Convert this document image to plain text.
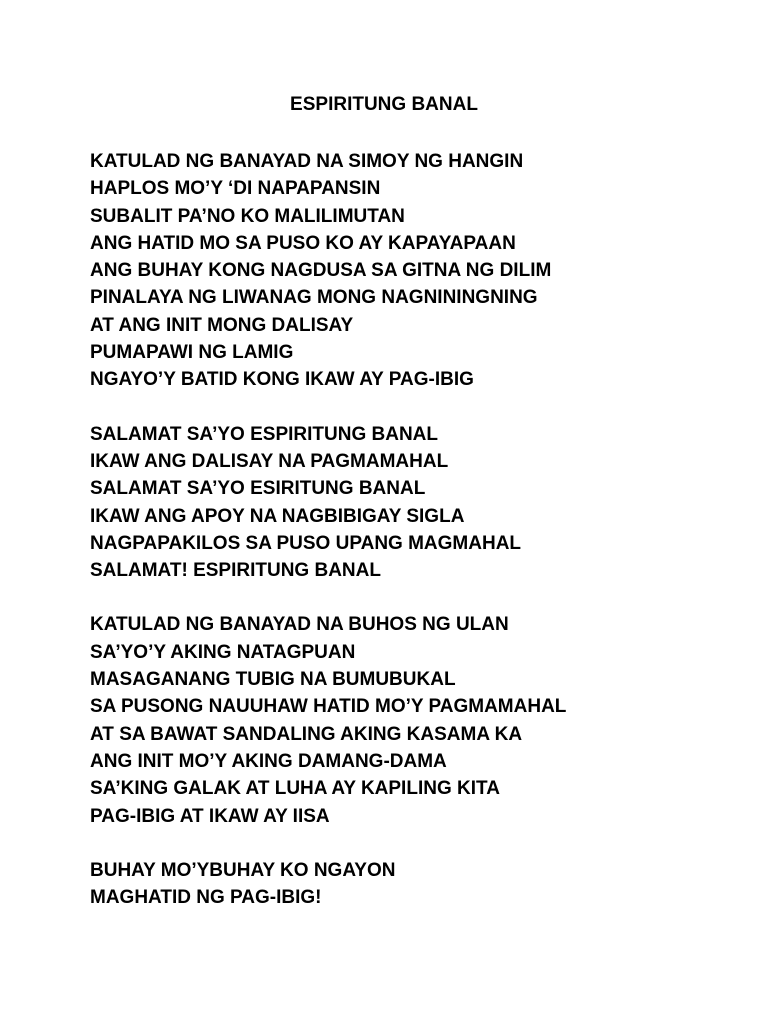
ESPIRITUNG BANAL
KATULAD NG BANAYAD NA SIMOY NG HANGIN
HAPLOS MO’Y ‘DI NAPAPANSIN
SUBALIT PA’NO KO MALILIMUTAN
ANG HATID MO SA PUSO KO AY KAPAYAPAAN
ANG BUHAY KONG NAGDUSA SA GITNA NG DILIM
PINALAYA NG LIWANAG MONG NAGNININGNING
AT ANG INIT MONG DALISAY
PUMAPAWI NG LAMIG
NGAYO’Y BATID KONG IKAW AY PAG-IBIG
SALAMAT SA’YO ESPIRITUNG BANAL
IKAW ANG DALISAY NA PAGMAMAHAL
SALAMAT SA’YO ESIRITUNG BANAL
IKAW ANG APOY NA NAGBIBIGAY SIGLA
NAGPAPAKILOS SA PUSO UPANG MAGMAHAL
SALAMAT! ESPIRITUNG BANAL
KATULAD NG BANAYAD NA BUHOS NG ULAN
SA’YO’Y AKING NATAGPUAN
MASAGANANG TUBIG NA BUMUBUKAL
SA PUSONG NAUUHAW HATID MO’Y PAGMAMAHAL
AT SA BAWAT SANDALING AKING KASAMA KA
ANG INIT MO’Y AKING DAMANG-DAMA
SA’KING GALAK AT LUHA AY KAPILING KITA
PAG-IBIG AT IKAW AY IISA
BUHAY MO’YBUHAY KO NGAYON
MAGHATID NG PAG-IBIG!
